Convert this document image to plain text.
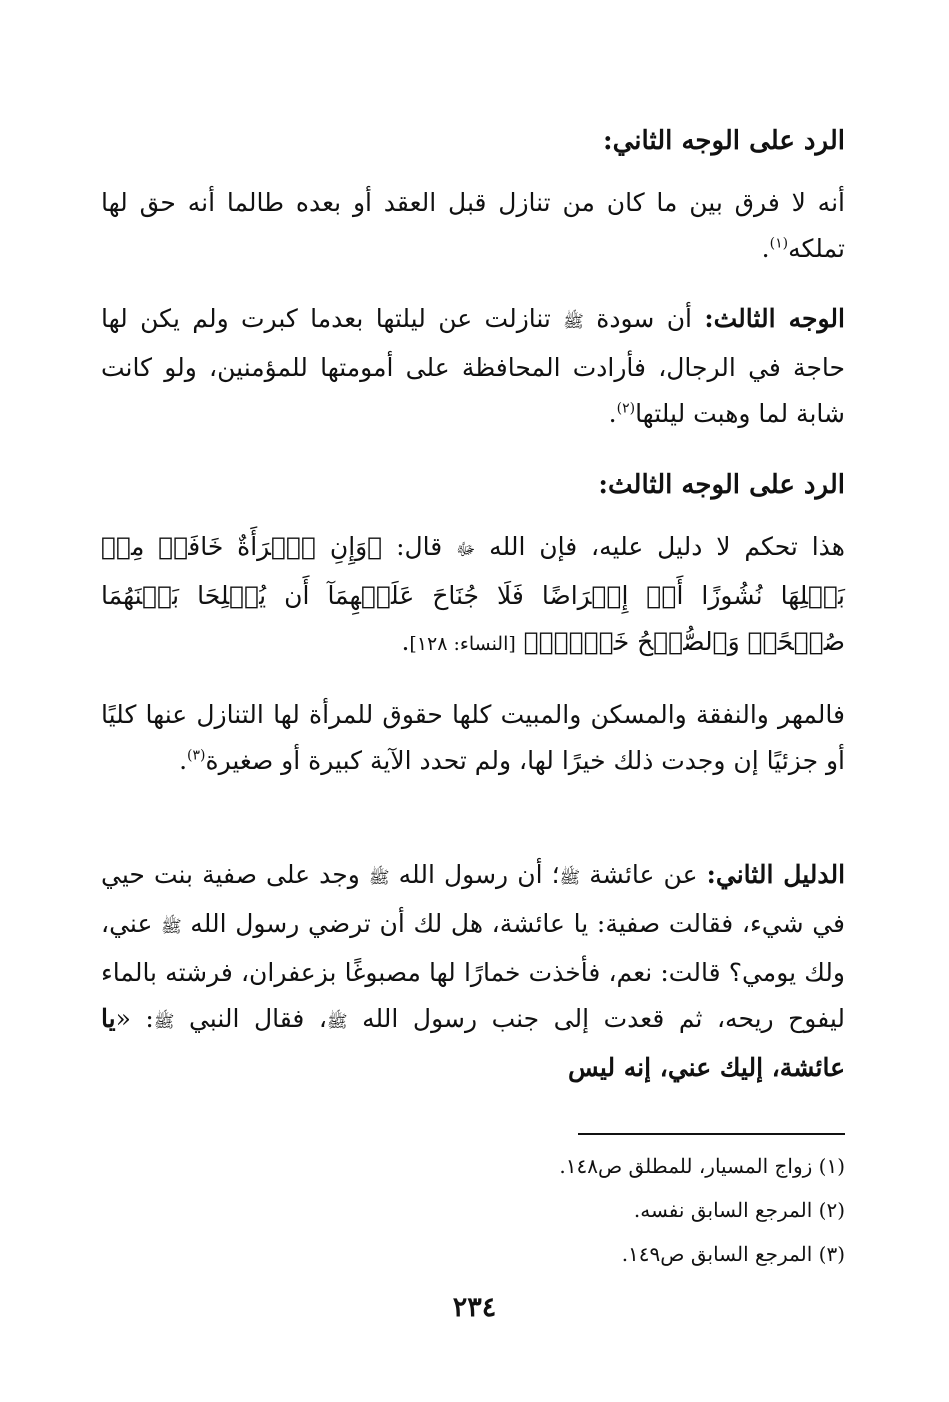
الرد على الوجه الثاني:
أنه لا فرق بين ما كان من تنازل قبل العقد أو بعده طالما أنه حق لها تملكه$^{(١)}$.
الوجه الثالث: أن سودة ﷺ تنازلت عن ليلتها بعدما كبرت ولم يكن لها حاجة في الرجال، فأرادت المحافظة على أمومتها للمؤمنين، ولو كانت شابة لما وهبت ليلتها$^{(٢)}$.
الرد على الوجه الثالث:
هذا تحكم لا دليل عليه، فإن الله ﷻ قال: ﴿وَإِنِ ٱمۡرَأَةٌ خَافَتۡ مِنۢ بَعۡلِهَا نُشُوزًا أَوۡ إِعۡرَاضًا فَلَا جُنَاحَ عَلَيۡهِمَآ أَن يُصۡلِحَا بَيۡنَهُمَا صُلۡحًاۚ وَٱلصُّلۡحُ خَيۡرٌۗ﴾ [النساء: ١٢٨].
فالمهر والنفقة والمسكن والمبيت كلها حقوق للمرأة لها التنازل عنها كليًا أو جزئيًا إن وجدت ذلك خيرًا لها، ولم تحدد الآية كبيرة أو صغيرة$^{(٣)}$.
الدليل الثاني: عن عائشة ﷺ؛ أن رسول الله ﷺ وجد على صفية بنت حيي في شيء، فقالت صفية: يا عائشة، هل لك أن ترضي رسول الله ﷺ عني، ولك يومي؟ قالت: نعم، فأخذت خمارًا لها مصبوغًا بزعفران، فرشته بالماء ليفوح ريحه، ثم قعدت إلى جنب رسول الله ﷺ، فقال النبي ﷺ: «يا عائشة، إليك عني، إنه ليس
(١) زواج المسيار، للمطلق ص١٤٨.
(٢) المرجع السابق نفسه.
(٣) المرجع السابق ص١٤٩.
٢٣٤
